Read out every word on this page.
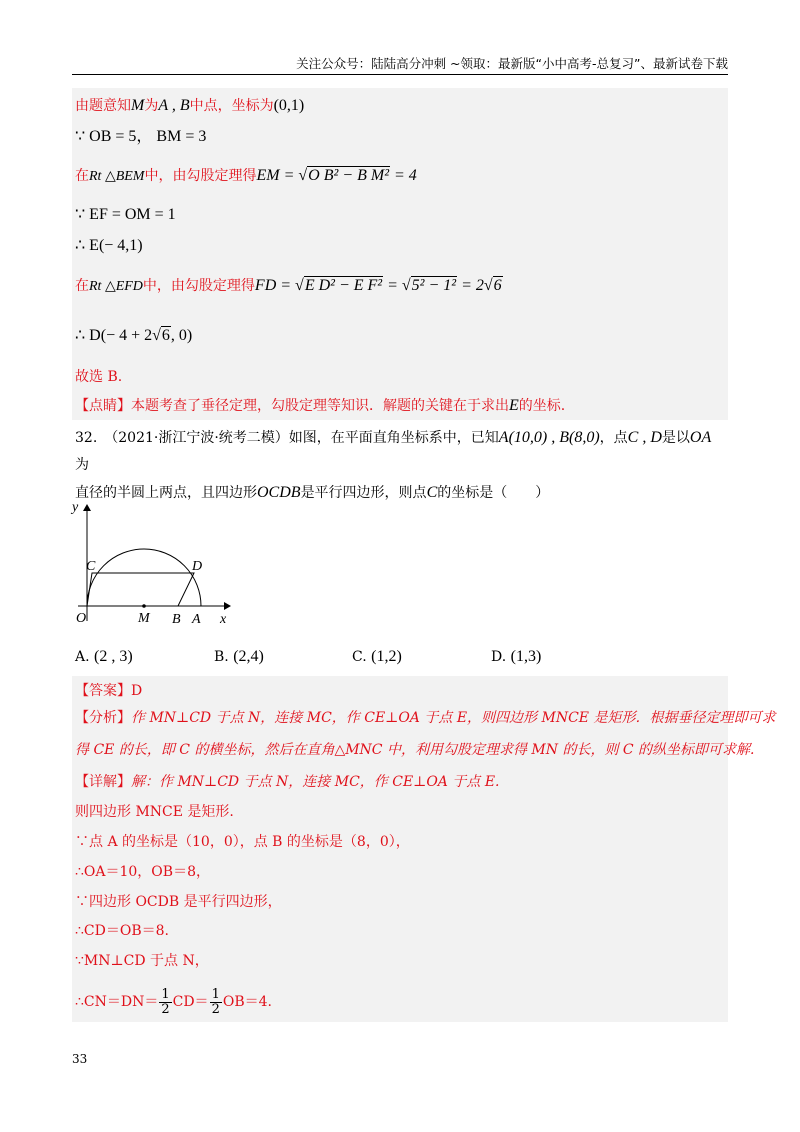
关注公众号：陆陆高分冲刺 ~领取：最新版“小中高考-总复习”、最新试卷下载
由题意知M为A , B中点，坐标为(0,1)
∵ OB = 5， BM = 3
在Rt △BEM中，由勾股定理得EM = √O B² − B M² = 4
∵ EF = OM = 1
∴ E(− 4,1)
在Rt △EFD中，由勾股定理得FD = √E D² − E F² = √5² − 1² = 2√6
∴ D(− 4 + 2√6, 0)
故选 B.
【点睛】本题考查了垂径定理，勾股定理等知识．解题的关键在于求出E的坐标.
32.　（2021·浙江宁波·统考二模）如图，在平面直角坐标系中，已知A(10,0) , B(8,0)，点C , D是以OA为
直径的半圆上两点，且四边形OCDB是平行四边形，则点C的坐标是（　　）
y
x
O	M B A
C	D
A. (2 , 3)	B. (2,4)	C. (1,2)	D. (1,3)
【答案】D
【分析】作 MN⊥CD 于点 N，连接 MC，作 CE⊥OA 于点 E，则四边形 MNCE 是矩形．根据垂径定理即可求
得 CE 的长，即 C 的横坐标，然后在直角△MNC 中，利用勾股定理求得 MN 的长，则 C 的纵坐标即可求解.
【详解】解：作 MN⊥CD 于点 N，连接 MC，作 CE⊥OA 于点 E.
则四边形 MNCE 是矩形.
∵点 A 的坐标是（10，0），点 B 的坐标是（8，0），
∴OA＝10，OB＝8，
∵四边形 OCDB 是平行四边形，
∴CD＝OB＝8.
∵MN⊥CD 于点 N，
∴CN＝DN＝ $\frac{1}{2} CD= \frac{1}{2} OB=4$.
33
